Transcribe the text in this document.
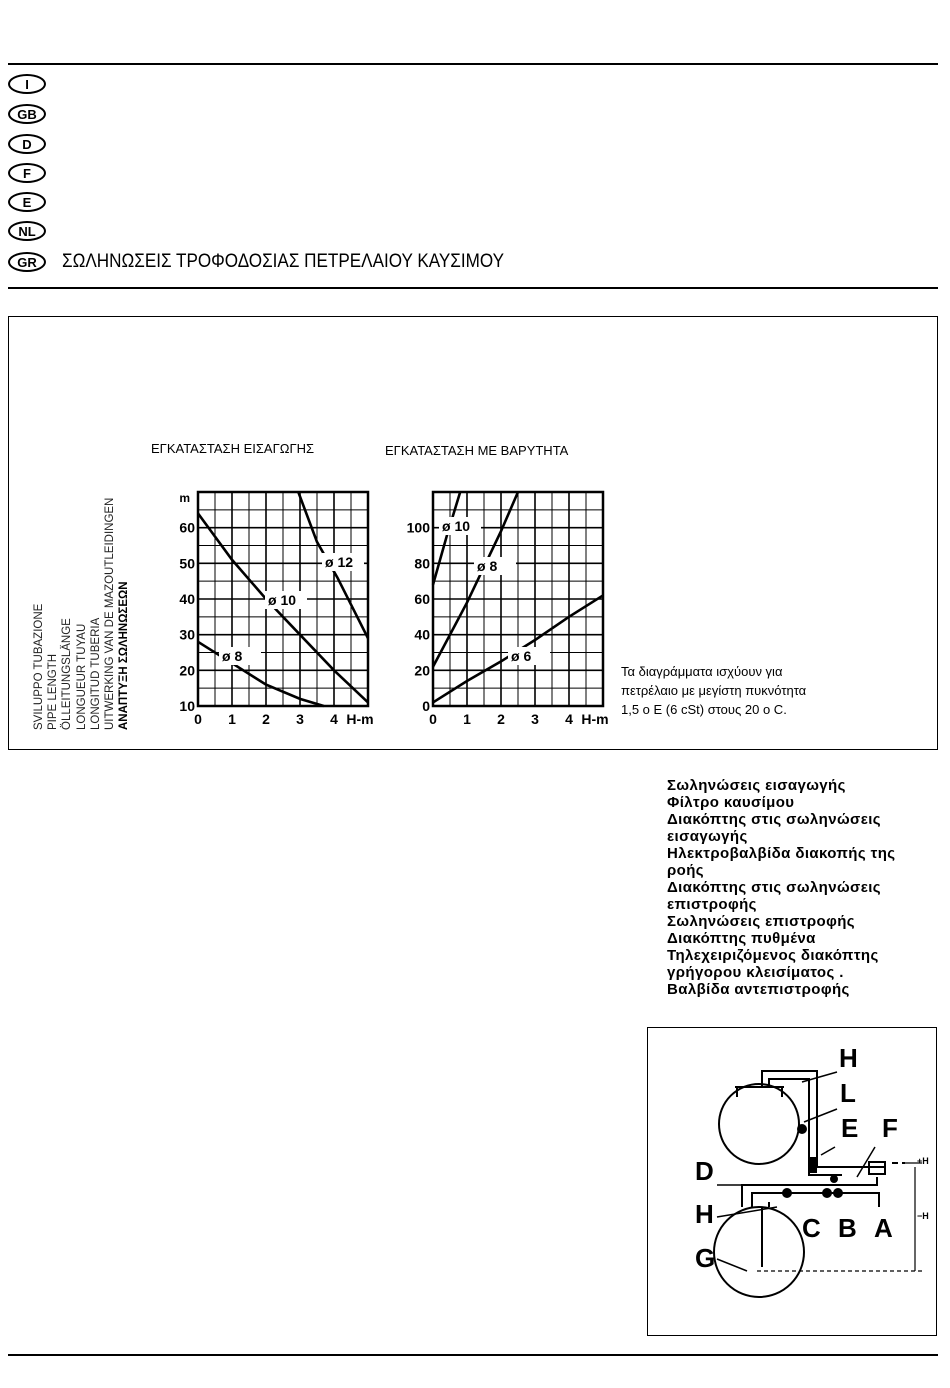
I
GB
D
F
E
NL
GR	ΣΩΛΗΝΩΣΕΙΣ ΤΡΟΦΟΔΟΣΙΑΣ ΠΕΤΡΕΛΑΙΟΥ ΚΑΥΣΙΜΟΥ
ΕΓΚΑΤΑΣΤΑΣΗ ΕΙΣΑΓΩΓΗΣ	ΕΓΚΑΤΑΣΤΑΣΗ ΜΕ ΒΑΡΥΤΗΤΑ
SVILUPPO TUBAZIONE PIPE LENGTH ÖLLEITUNGSLÄNGE LONGUEUR TUYAU LONGITUD TUBERIA UITWERKING VAN DE MAZOUTLEIDINGEN ΑΝΑΠΤΥΞΗ ΣΩΛΗΝΩΣΕΩΝ	0 1 2 3 4
10
20
30
40
50
60
H-m
m
ø 12
ø 10
ø 8
0 1 2 3 4
0
20
40
60
80
100
H-m
ø 10
ø 8
ø 6
Τα διαγράμματα ισχύουν για
πετρέλαιο με μεγίστη πυκνότητα
1,5 ο E (6 cSt) στους 20 ο C.
Σωληνώσεις εισαγωγής
Φίλτρο καυσίμου
Διακόπτης στις σωληνώσεις
εισαγωγής
Ηλεκτροβαλβίδα διακοπής της
ροής
Διακόπτης στις σωληνώσεις
επιστροφής
Σωληνώσεις επιστροφής
Διακόπτης πυθμένα
Τηλεχειριζόμενος διακόπτης
γρήγορου κλεισίματος .
Βαλβίδα αντεπιστροφής
H
L
E F
D
H	C B A
G
+H
−H
